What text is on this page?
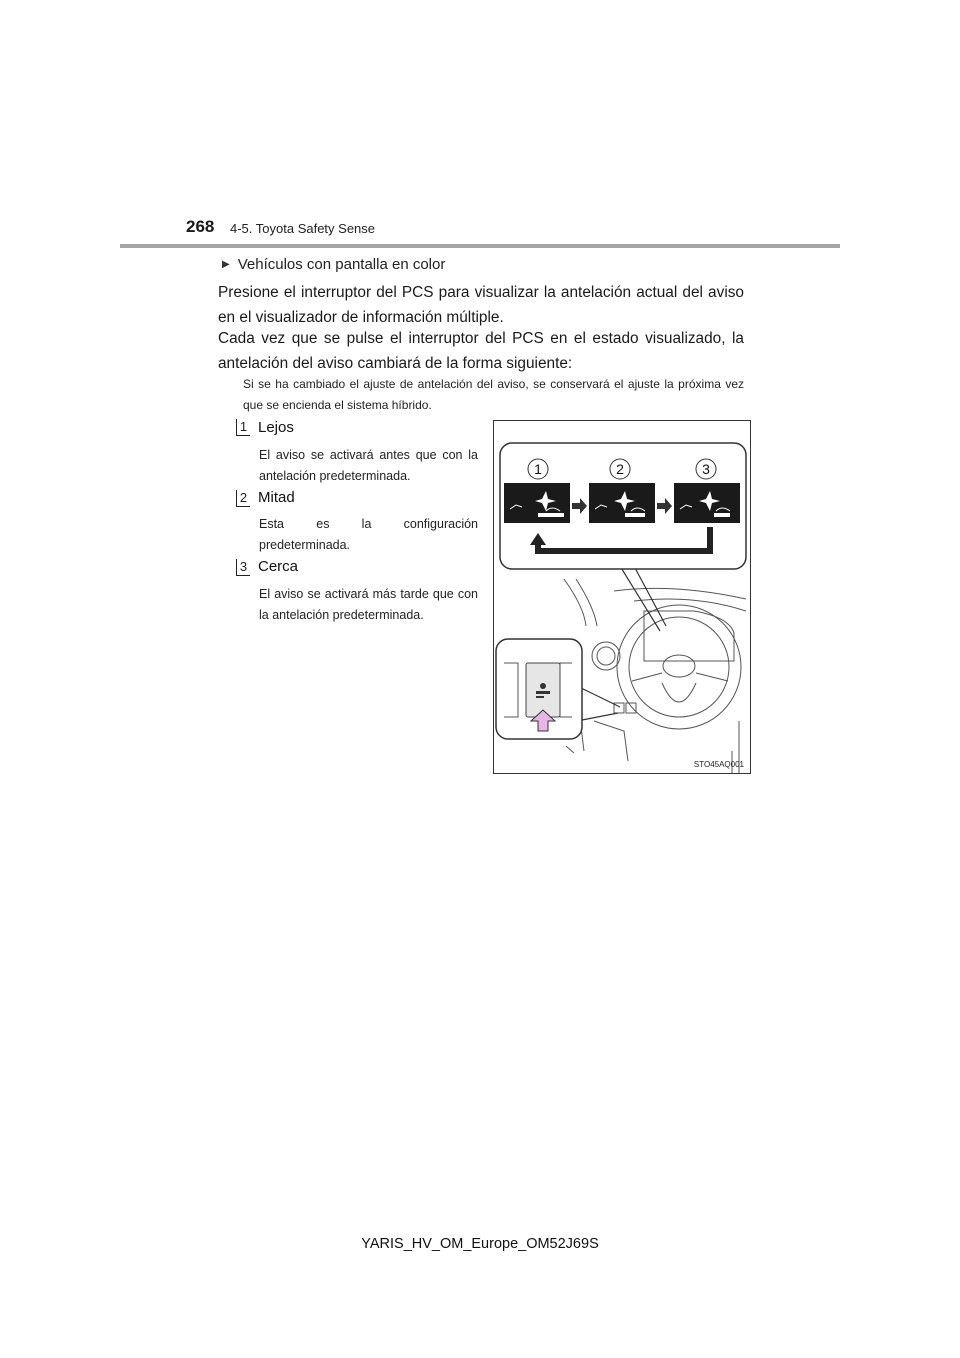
268 4-5. Toyota Safety Sense
▶ Vehículos con pantalla en color
Presione el interruptor del PCS para visualizar la antelación actual del aviso en el visualizador de información múltiple.
Cada vez que se pulse el interruptor del PCS en el estado visualizado, la antelación del aviso cambiará de la forma siguiente:
Si se ha cambiado el ajuste de antelación del aviso, se conservará el ajuste la próxima vez que se encienda el sistema híbrido.
1 Lejos
El aviso se activará antes que con la antelación predeterminada.
2 Mitad
Esta es la configuración predeterminada.
3 Cerca
El aviso se activará más tarde que con la antelación predeterminada.
1	2	3
STO45AQ001
YARIS_HV_OM_Europe_OM52J69S
